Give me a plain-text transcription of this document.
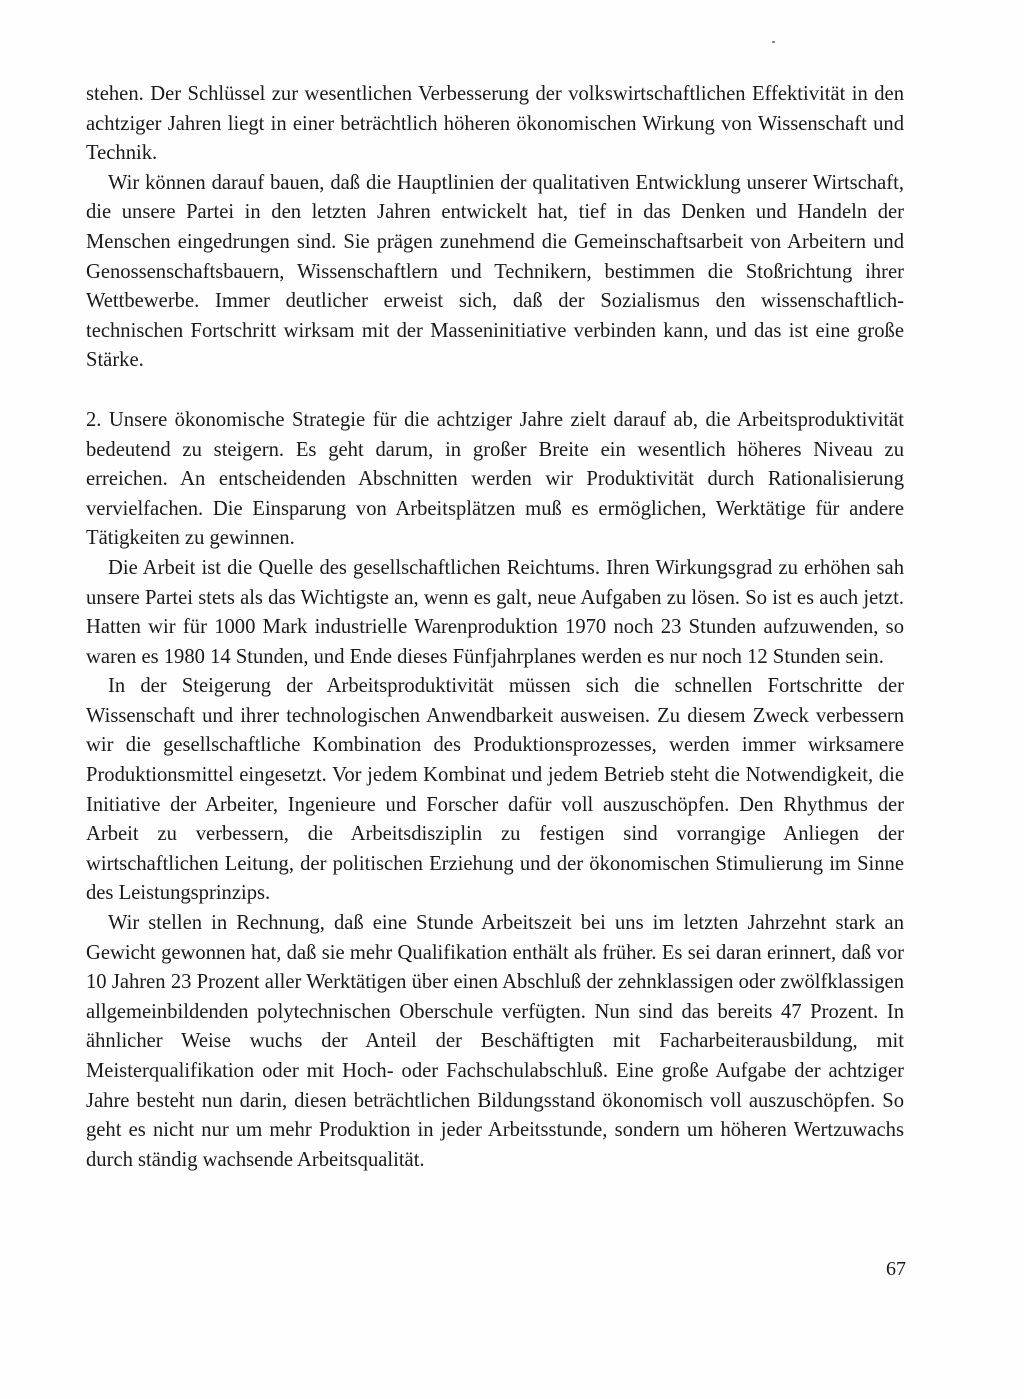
stehen. Der Schlüssel zur wesentlichen Verbesserung der volkswirtschaftlichen Effektivität in den achtziger Jahren liegt in einer beträchtlich höheren ökonomischen Wirkung von Wissenschaft und Technik.

Wir können darauf bauen, daß die Hauptlinien der qualitativen Entwicklung unserer Wirtschaft, die unsere Partei in den letzten Jahren entwickelt hat, tief in das Denken und Handeln der Menschen eingedrungen sind. Sie prägen zunehmend die Gemeinschaftsarbeit von Arbeitern und Genossenschaftsbauern, Wissenschaftlern und Technikern, bestimmen die Stoßrichtung ihrer Wettbewerbe. Immer deutlicher erweist sich, daß der Sozialismus den wissenschaftlich-technischen Fortschritt wirksam mit der Masseninitiative verbinden kann, und das ist eine große Stärke.

2. Unsere ökonomische Strategie für die achtziger Jahre zielt darauf ab, die Arbeitsproduktivität bedeutend zu steigern. Es geht darum, in großer Breite ein wesentlich höheres Niveau zu erreichen. An entscheidenden Abschnitten werden wir Produktivität durch Rationalisierung vervielfachen. Die Einsparung von Arbeitsplätzen muß es ermöglichen, Werktätige für andere Tätigkeiten zu gewinnen.

Die Arbeit ist die Quelle des gesellschaftlichen Reichtums. Ihren Wirkungsgrad zu erhöhen sah unsere Partei stets als das Wichtigste an, wenn es galt, neue Aufgaben zu lösen. So ist es auch jetzt. Hatten wir für 1000 Mark industrielle Warenproduktion 1970 noch 23 Stunden aufzuwenden, so waren es 1980 14 Stunden, und Ende dieses Fünfjahrplanes werden es nur noch 12 Stunden sein.

In der Steigerung der Arbeitsproduktivität müssen sich die schnellen Fortschritte der Wissenschaft und ihrer technologischen Anwendbarkeit ausweisen. Zu diesem Zweck verbessern wir die gesellschaftliche Kombination des Produktionsprozesses, werden immer wirksamere Produktionsmittel eingesetzt. Vor jedem Kombinat und jedem Betrieb steht die Notwendigkeit, die Initiative der Arbeiter, Ingenieure und Forscher dafür voll auszuschöpfen. Den Rhythmus der Arbeit zu verbessern, die Arbeitsdisziplin zu festigen sind vorrangige Anliegen der wirtschaftlichen Leitung, der politischen Erziehung und der ökonomischen Stimulierung im Sinne des Leistungsprinzips.

Wir stellen in Rechnung, daß eine Stunde Arbeitszeit bei uns im letzten Jahrzehnt stark an Gewicht gewonnen hat, daß sie mehr Qualifikation enthält als früher. Es sei daran erinnert, daß vor 10 Jahren 23 Prozent aller Werktätigen über einen Abschluß der zehnklassigen oder zwölfklassigen allgemeinbildenden polytechnischen Oberschule verfügten. Nun sind das bereits 47 Prozent. In ähnlicher Weise wuchs der Anteil der Beschäftigten mit Facharbeiterausbildung, mit Meisterqualifikation oder mit Hoch- oder Fachschulabschluß. Eine große Aufgabe der achtziger Jahre besteht nun darin, diesen beträchtlichen Bildungsstand ökonomisch voll auszuschöpfen. So geht es nicht nur um mehr Produktion in jeder Arbeitsstunde, sondern um höheren Wertzuwachs durch ständig wachsende Arbeitsqualität.

67
